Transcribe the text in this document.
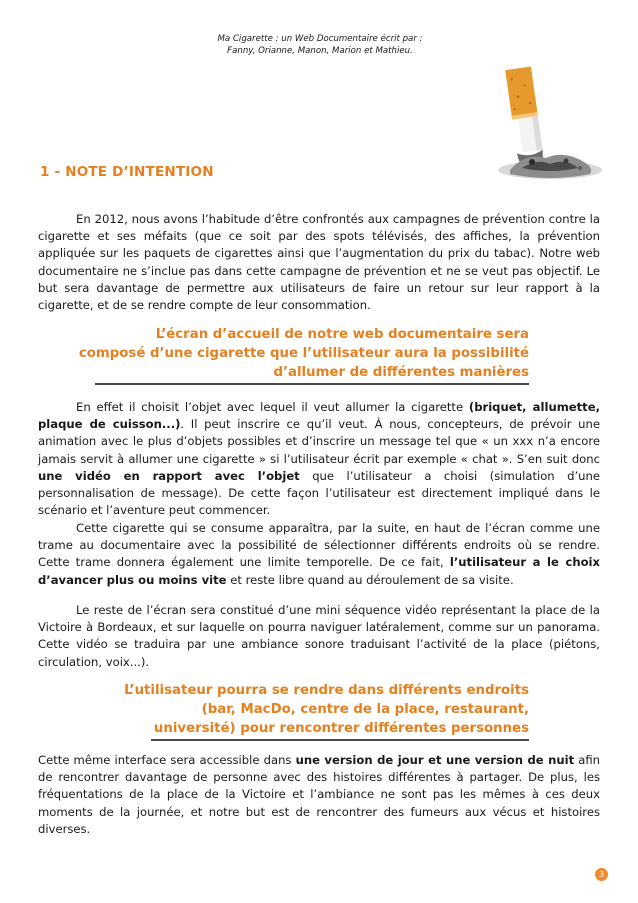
Ma Cigarette : un Web Documentaire écrit par :
Fanny, Orianne, Manon, Marion et Mathieu.
1 - NOTE D’INTENTION

En 2012, nous avons l’habitude d’être confrontés aux campagnes de prévention contre la cigarette et ses méfaits (que ce soit par des spots télévisés, des affiches, la prévention appliquée sur les paquets de cigarettes ainsi que l’augmentation du prix du tabac). Notre web documentaire ne s’inclue pas dans cette campagne de prévention et ne se veut pas objectif. Le but sera davantage de permettre aux utilisateurs de faire un retour sur leur rapport à la cigarette, et de se rendre compte de leur consommation.

L’écran d’accueil de notre web documentaire sera
composé d’une cigarette que l’utilisateur aura la possibilité
d’allumer de différentes manières

En effet il choisit l’objet avec lequel il veut allumer la cigarette (briquet, allumette, plaque de cuisson...). Il peut inscrire ce qu’il veut. À nous, concepteurs, de prévoir une animation avec le plus d’objets possibles et d’inscrire un message tel que « un xxx n’a encore jamais servit à allumer une cigarette » si l’utilisateur écrit par exemple « chat ». S’en suit donc une vidéo en rapport avec l’objet que l’utilisateur a choisi (simulation d’une personnalisation de message). De cette façon l’utilisateur est directement impliqué dans le scénario et l’aventure peut commencer.

Cette cigarette qui se consume apparaîtra, par la suite, en haut de l’écran comme une trame au documentaire avec la possibilité de sélectionner différents endroits où se rendre. Cette trame donnera également une limite temporelle. De ce fait, l’utilisateur a le choix d’avancer plus ou moins vite et reste libre quand au déroulement de sa visite.

Le reste de l’écran sera constitué d’une mini séquence vidéo représentant la place de la Victoire à Bordeaux, et sur laquelle on pourra naviguer latéralement, comme sur un panorama. Cette vidéo se traduira par une ambiance sonore traduisant l’activité de la place (piétons, circulation, voix...).

L’utilisateur pourra se rendre dans différents endroits
(bar, MacDo, centre de la place, restaurant,
université) pour rencontrer différentes personnes

Cette même interface sera accessible dans une version de jour et une version de nuit afin de rencontrer davantage de personne avec des histoires différentes à partager. De plus, les fréquentations de la place de la Victoire et l’ambiance ne sont pas les mêmes à ces deux moments de la journée, et notre but est de rencontrer des fumeurs aux vécus et histoires diverses.

3
